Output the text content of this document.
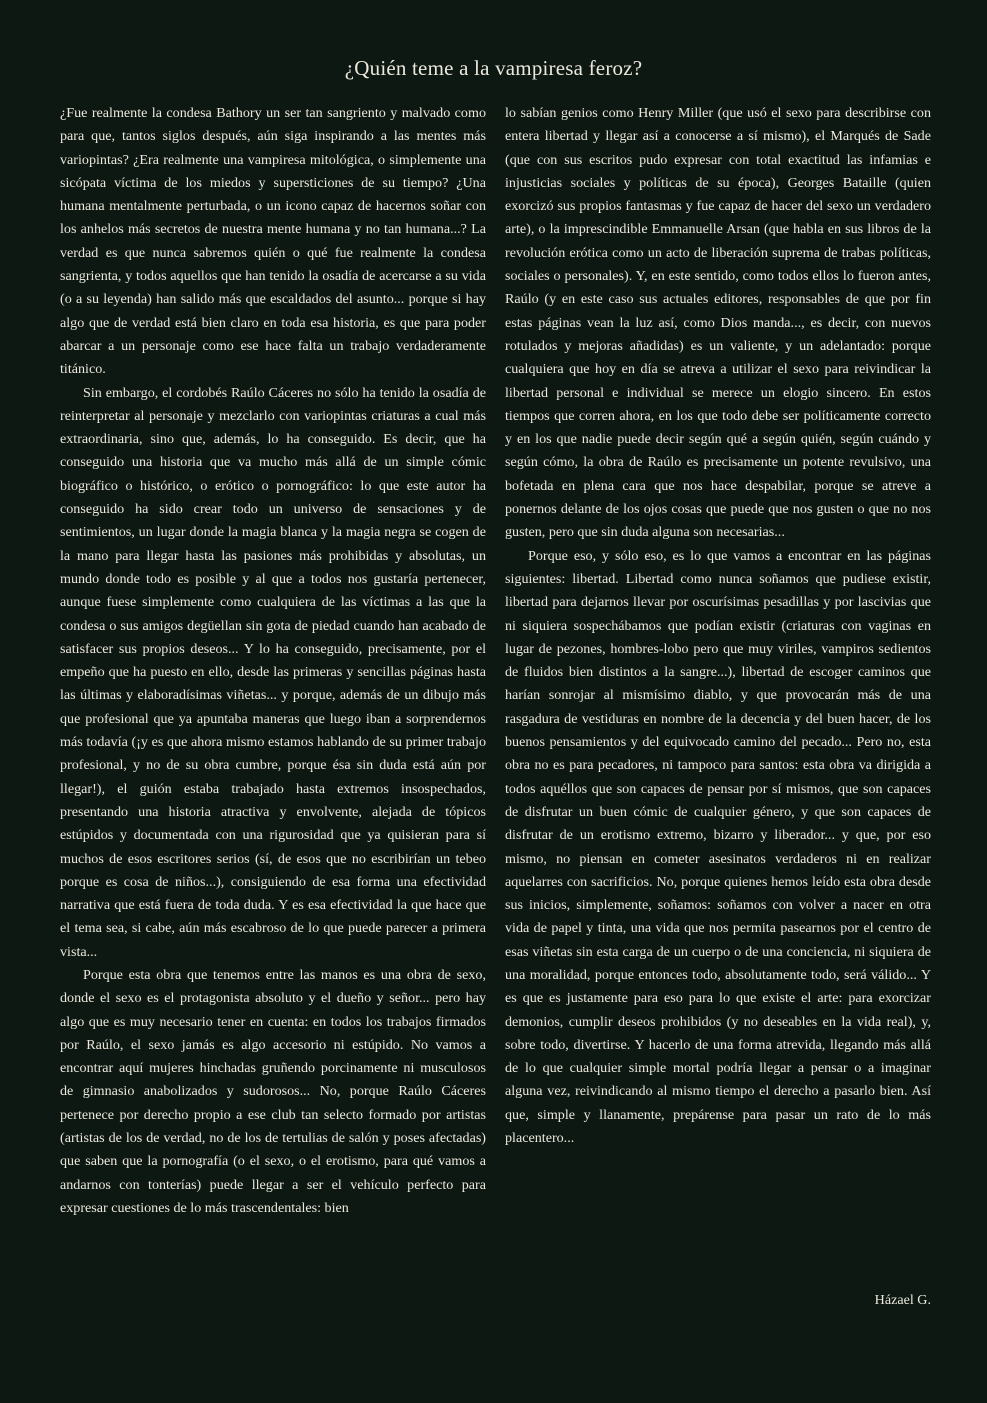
¿Quién teme a la vampiresa feroz?

¿Fue realmente la condesa Bathory un ser tan sangriento y malvado como para que, tantos siglos después, aún siga inspirando a las mentes más variopintas? ¿Era realmente una vampiresa mitológica, o simplemente una sicópata víctima de los miedos y supersticiones de su tiempo? ¿Una humana mentalmente perturbada, o un icono capaz de hacernos soñar con los anhelos más secretos de nuestra mente humana y no tan humana...? La verdad es que nunca sabremos quién o qué fue realmente la condesa sangrienta, y todos aquellos que han tenido la osadía de acercarse a su vida (o a su leyenda) han salido más que escaldados del asunto... porque si hay algo que de verdad está bien claro en toda esa historia, es que para poder abarcar a un personaje como ese hace falta un trabajo verdaderamente titánico.

Sin embargo, el cordobés Raúlo Cáceres no sólo ha tenido la osadía de reinterpretar al personaje y mezclarlo con variopintas criaturas a cual más extraordinaria, sino que, además, lo ha conseguido. Es decir, que ha conseguido una historia que va mucho más allá de un simple cómic biográfico o histórico, o erótico o pornográfico: lo que este autor ha conseguido ha sido crear todo un universo de sensaciones y de sentimientos, un lugar donde la magia blanca y la magia negra se cogen de la mano para llegar hasta las pasiones más prohibidas y absolutas, un mundo donde todo es posible y al que a todos nos gustaría pertenecer, aunque fuese simplemente como cualquiera de las víctimas a las que la condesa o sus amigos degüellan sin gota de piedad cuando han acabado de satisfacer sus propios deseos... Y lo ha conseguido, precisamente, por el empeño que ha puesto en ello, desde las primeras y sencillas páginas hasta las últimas y elaboradísimas viñetas... y porque, además de un dibujo más que profesional que ya apuntaba maneras que luego iban a sorprendernos más todavía (¡y es que ahora mismo estamos hablando de su primer trabajo profesional, y no de su obra cumbre, porque ésa sin duda está aún por llegar!), el guión estaba trabajado hasta extremos insospechados, presentando una historia atractiva y envolvente, alejada de tópicos estúpidos y documentada con una rigurosidad que ya quisieran para sí muchos de esos escritores serios (sí, de esos que no escribirían un tebeo porque es cosa de niños...), consiguiendo de esa forma una efectividad narrativa que está fuera de toda duda. Y es esa efectividad la que hace que el tema sea, si cabe, aún más escabroso de lo que puede parecer a primera vista...

Porque esta obra que tenemos entre las manos es una obra de sexo, donde el sexo es el protagonista absoluto y el dueño y señor... pero hay algo que es muy necesario tener en cuenta: en todos los trabajos firmados por Raúlo, el sexo jamás es algo accesorio ni estúpido. No vamos a encontrar aquí mujeres hinchadas gruñendo porcinamente ni musculosos de gimnasio anabolizados y sudorosos... No, porque Raúlo Cáceres pertenece por derecho propio a ese club tan selecto formado por artistas (artistas de los de verdad, no de los de tertulias de salón y poses afectadas) que saben que la pornografía (o el sexo, o el erotismo, para qué vamos a andarnos con tonterías) puede llegar a ser el vehículo perfecto para expresar cuestiones de lo más trascendentales: bien

lo sabían genios como Henry Miller (que usó el sexo para describirse con entera libertad y llegar así a conocerse a sí mismo), el Marqués de Sade (que con sus escritos pudo expresar con total exactitud las infamias e injusticias sociales y políticas de su época), Georges Bataille (quien exorcizó sus propios fantasmas y fue capaz de hacer del sexo un verdadero arte), o la imprescindible Emmanuelle Arsan (que habla en sus libros de la revolución erótica como un acto de liberación suprema de trabas políticas, sociales o personales). Y, en este sentido, como todos ellos lo fueron antes, Raúlo (y en este caso sus actuales editores, responsables de que por fin estas páginas vean la luz así, como Dios manda..., es decir, con nuevos rotulados y mejoras añadidas) es un valiente, y un adelantado: porque cualquiera que hoy en día se atreva a utilizar el sexo para reivindicar la libertad personal e individual se merece un elogio sincero. En estos tiempos que corren ahora, en los que todo debe ser políticamente correcto y en los que nadie puede decir según qué a según quién, según cuándo y según cómo, la obra de Raúlo es precisamente un potente revulsivo, una bofetada en plena cara que nos hace despabilar, porque se atreve a ponernos delante de los ojos cosas que puede que nos gusten o que no nos gusten, pero que sin duda alguna son necesarias...

Porque eso, y sólo eso, es lo que vamos a encontrar en las páginas siguientes: libertad. Libertad como nunca soñamos que pudiese existir, libertad para dejarnos llevar por oscurísimas pesadillas y por lascivias que ni siquiera sospechábamos que podían existir (criaturas con vaginas en lugar de pezones, hombres-lobo pero que muy viriles, vampiros sedientos de fluidos bien distintos a la sangre...), libertad de escoger caminos que harían sonrojar al mismísimo diablo, y que provocarán más de una rasgadura de vestiduras en nombre de la decencia y del buen hacer, de los buenos pensamientos y del equivocado camino del pecado... Pero no, esta obra no es para pecadores, ni tampoco para santos: esta obra va dirigida a todos aquéllos que son capaces de pensar por sí mismos, que son capaces de disfrutar un buen cómic de cualquier género, y que son capaces de disfrutar de un erotismo extremo, bizarro y liberador... y que, por eso mismo, no piensan en cometer asesinatos verdaderos ni en realizar aquelarres con sacrificios. No, porque quienes hemos leído esta obra desde sus inicios, simplemente, soñamos: soñamos con volver a nacer en otra vida de papel y tinta, una vida que nos permita pasearnos por el centro de esas viñetas sin esta carga de un cuerpo o de una conciencia, ni siquiera de una moralidad, porque entonces todo, absolutamente todo, será válido... Y es que es justamente para eso para lo que existe el arte: para exorcizar demonios, cumplir deseos prohibidos (y no deseables en la vida real), y, sobre todo, divertirse. Y hacerlo de una forma atrevida, llegando más allá de lo que cualquier simple mortal podría llegar a pensar o a imaginar alguna vez, reivindicando al mismo tiempo el derecho a pasarlo bien. Así que, simple y llanamente, prepárense para pasar un rato de lo más placentero...

Házael G.
